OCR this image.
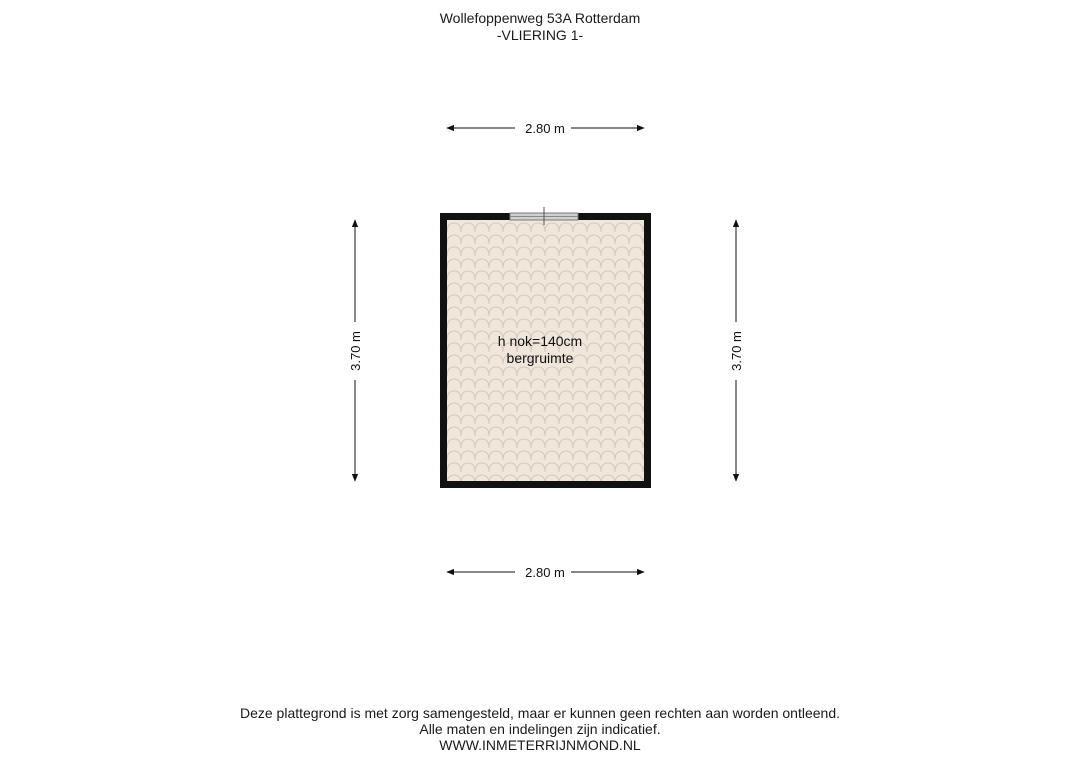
Wollefoppenweg 53A Rotterdam
-VLIERING 1-
h nok=140cm
bergruimte
2.80 m
2.80 m
3.70 m	3.70 m
Deze plattegrond is met zorg samengesteld, maar er kunnen geen rechten aan worden ontleend.
Alle maten en indelingen zijn indicatief.
WWW.INMETERRIJNMOND.NL
